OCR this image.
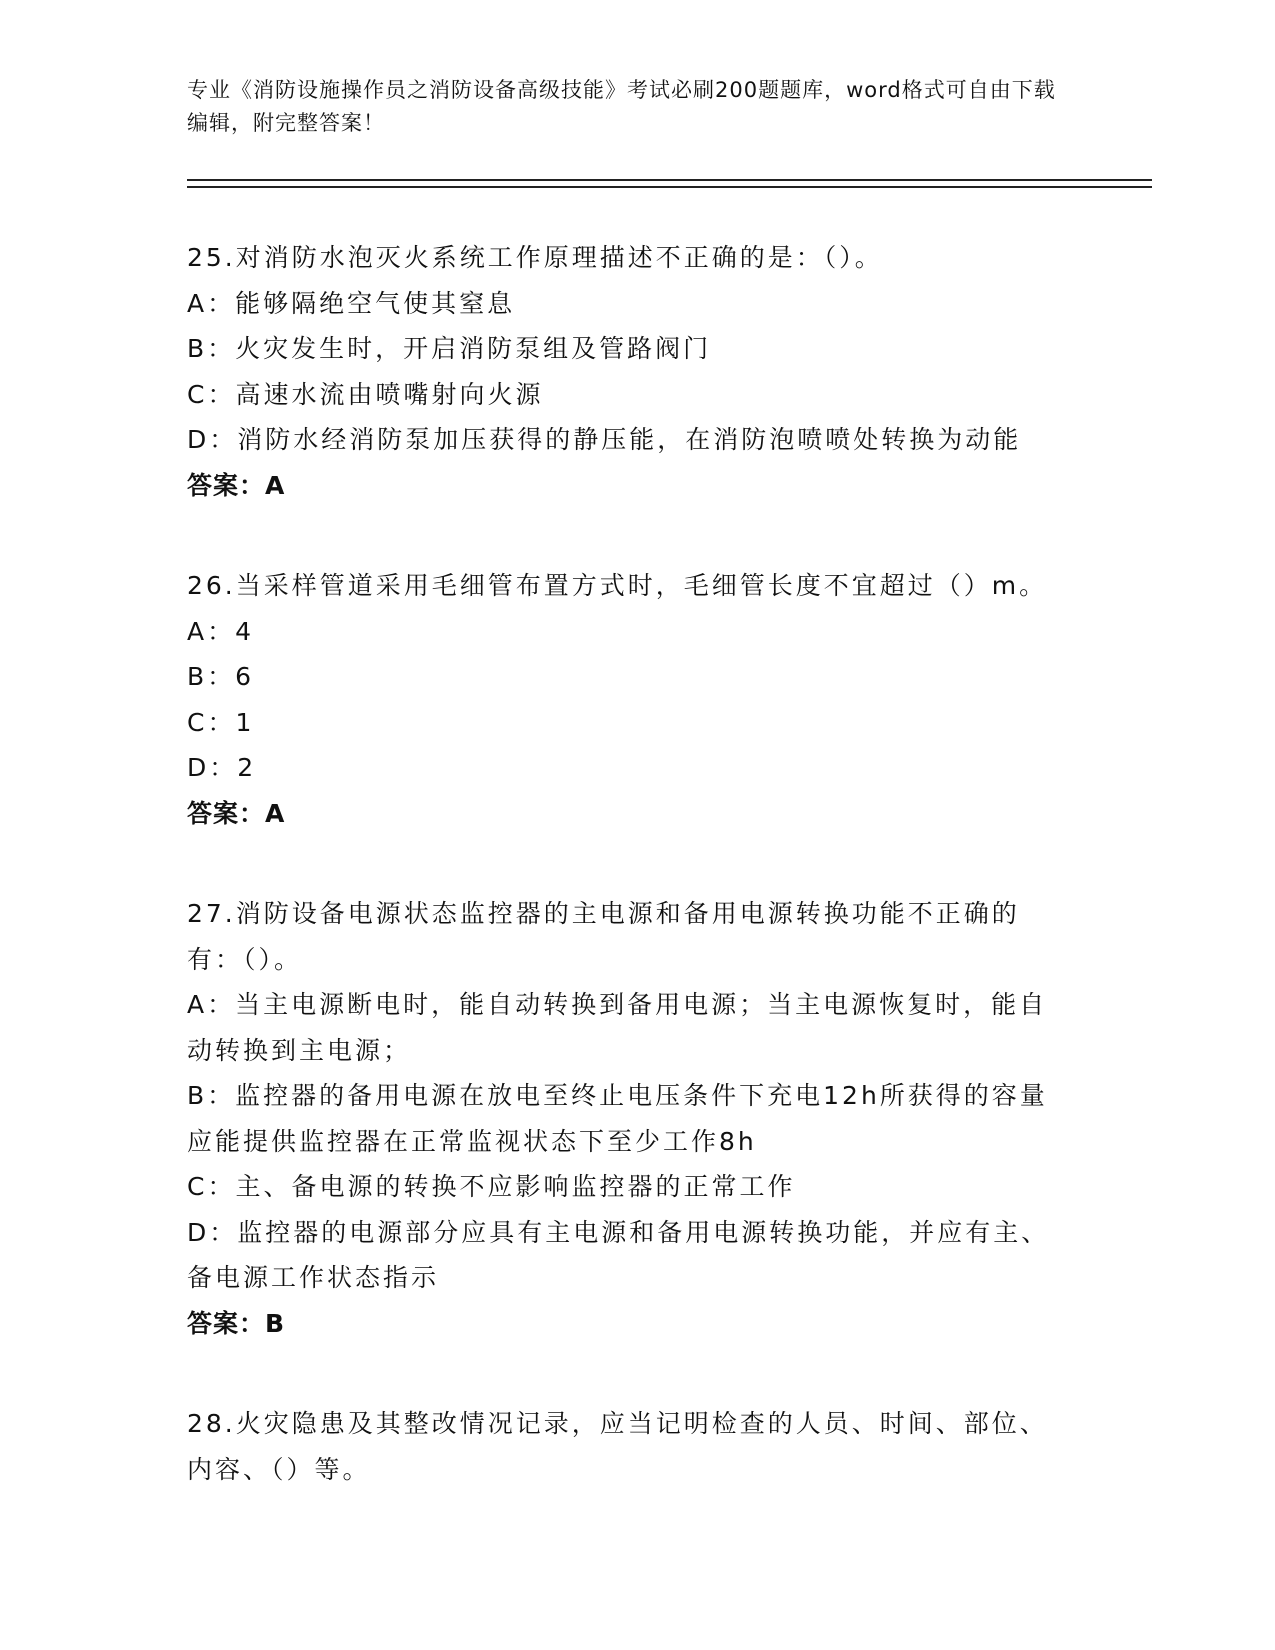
专业《消防设施操作员之消防设备高级技能》考试必刷200题题库，word格式可自由下载编辑，附完整答案！
25.对消防水泡灭火系统工作原理描述不正确的是：（）。
A：能够隔绝空气使其窒息
B：火灾发生时，开启消防泵组及管路阀门
C：高速水流由喷嘴射向火源
D：消防水经消防泵加压获得的静压能，在消防泡喷喷处转换为动能
答案：A
26.当采样管道采用毛细管布置方式时，毛细管长度不宜超过（）m。
A：4
B：6
C：1
D：2
答案：A
27.消防设备电源状态监控器的主电源和备用电源转换功能不正确的有：（）。
A：当主电源断电时，能自动转换到备用电源；当主电源恢复时，能自动转换到主电源；
B：监控器的备用电源在放电至终止电压条件下充电12h所获得的容量应能提供监控器在正常监视状态下至少工作8h
C：主、备电源的转换不应影响监控器的正常工作
D：监控器的电源部分应具有主电源和备用电源转换功能，并应有主、备电源工作状态指示
答案：B
28.火灾隐患及其整改情况记录，应当记明检查的人员、时间、部位、内容、（）等。
